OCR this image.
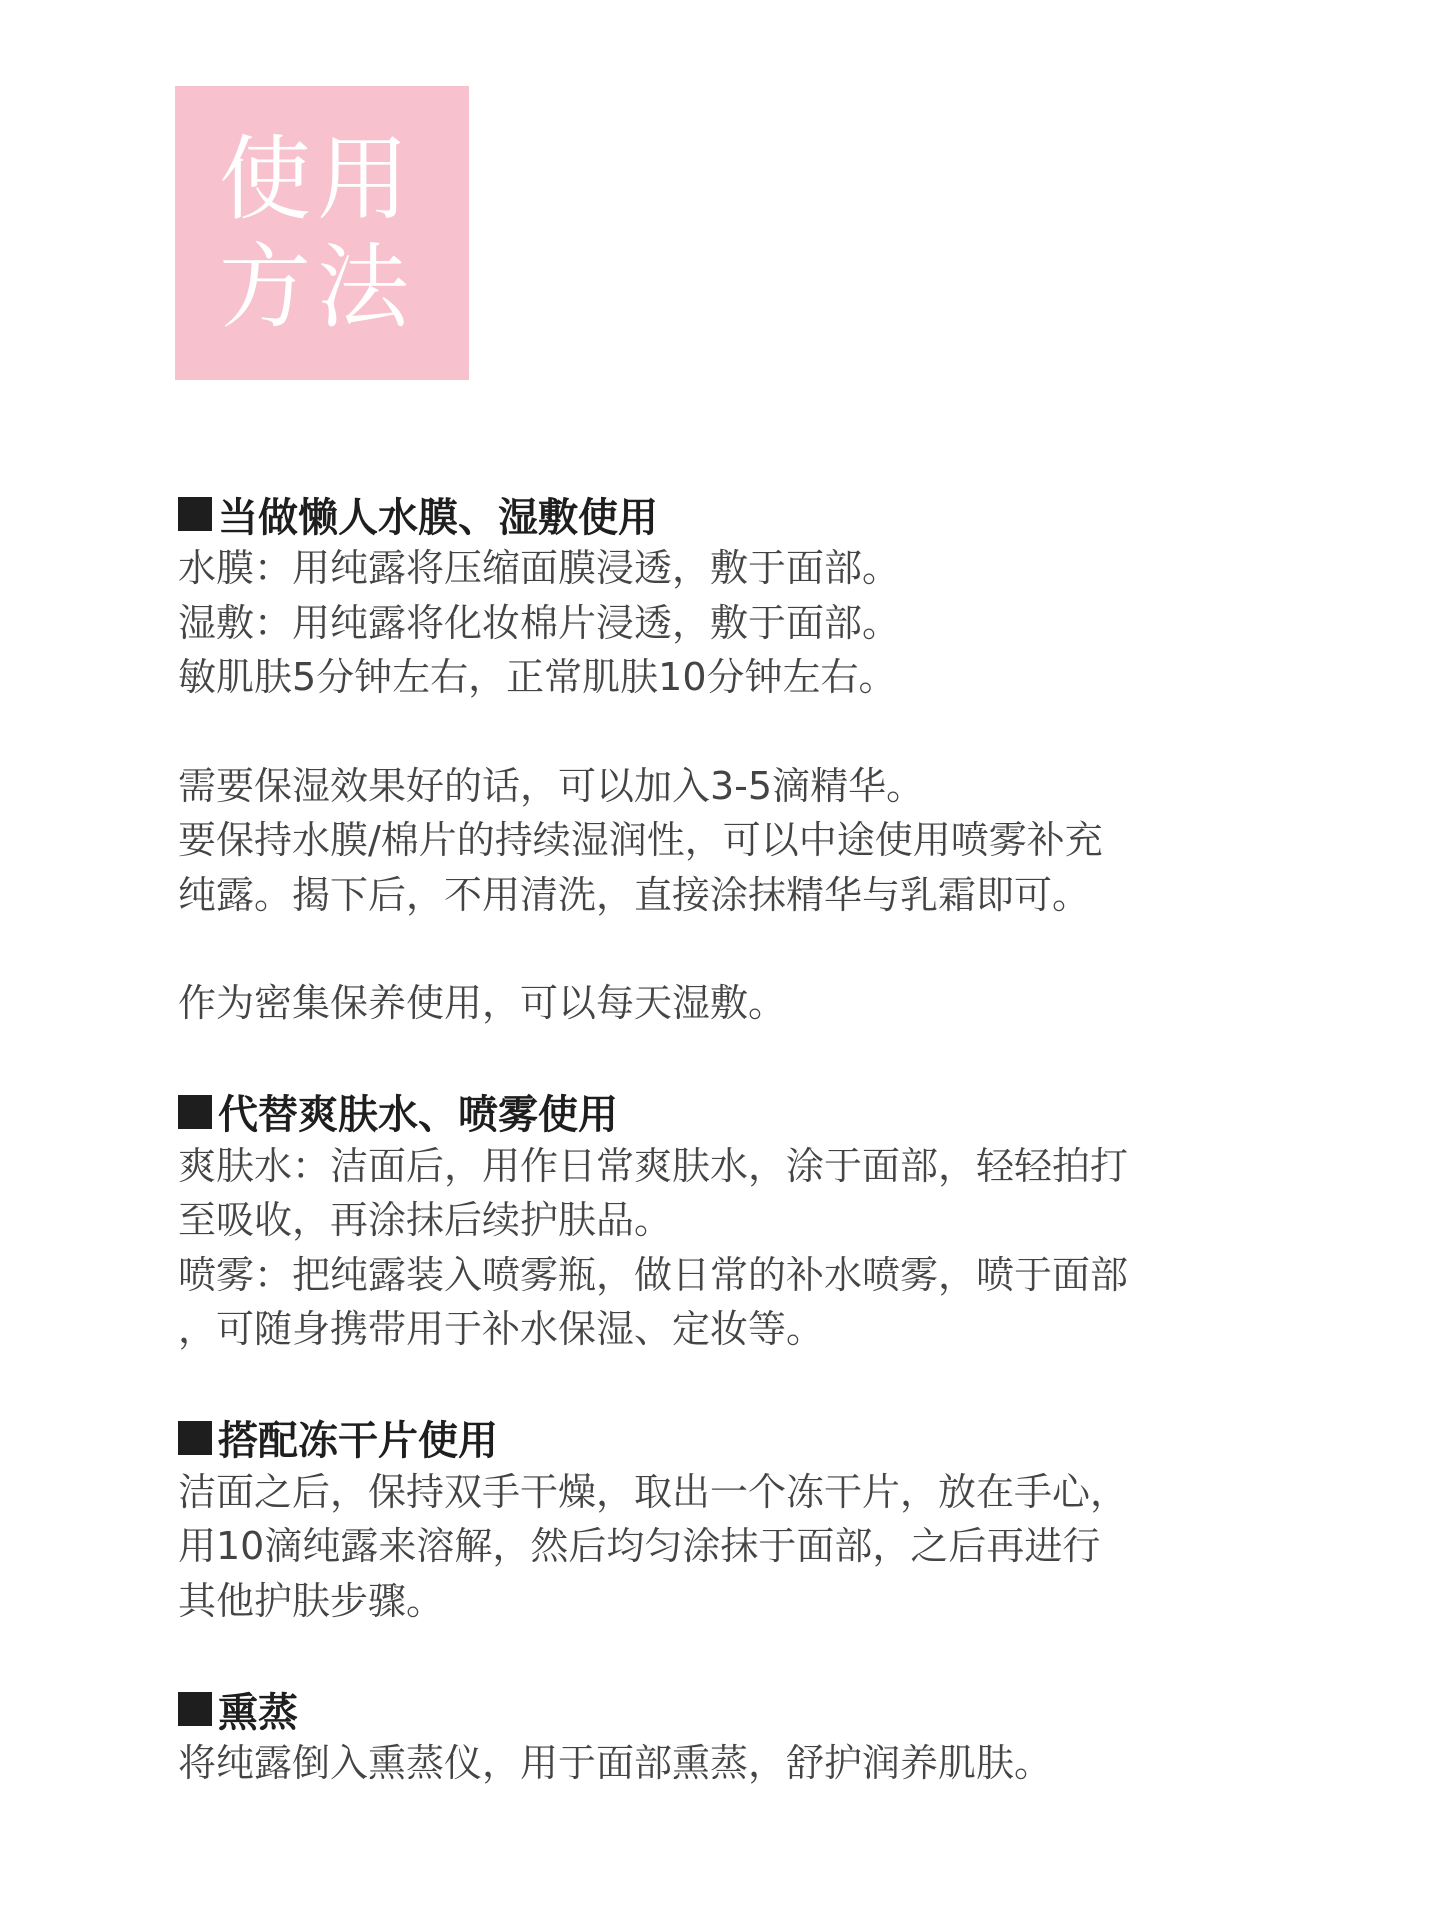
使用
方法
当做懒人水膜、湿敷使用
水膜：用纯露将压缩面膜浸透，敷于面部。
湿敷：用纯露将化妆棉片浸透，敷于面部。
敏肌肤5分钟左右，正常肌肤10分钟左右。
需要保湿效果好的话，可以加入3-5滴精华。
要保持水膜/棉片的持续湿润性，可以中途使用喷雾补充
纯露。揭下后，不用清洗，直接涂抹精华与乳霜即可。
作为密集保养使用，可以每天湿敷。
代替爽肤水、喷雾使用
爽肤水：洁面后，用作日常爽肤水，涂于面部，轻轻拍打
至吸收，再涂抹后续护肤品。
喷雾：把纯露装入喷雾瓶，做日常的补水喷雾，喷于面部
，可随身携带用于补水保湿、定妆等。
搭配冻干片使用
洁面之后，保持双手干燥，取出一个冻干片，放在手心，
用10滴纯露来溶解，然后均匀涂抹于面部，之后再进行
其他护肤步骤。
熏蒸
将纯露倒入熏蒸仪，用于面部熏蒸，舒护润养肌肤。
